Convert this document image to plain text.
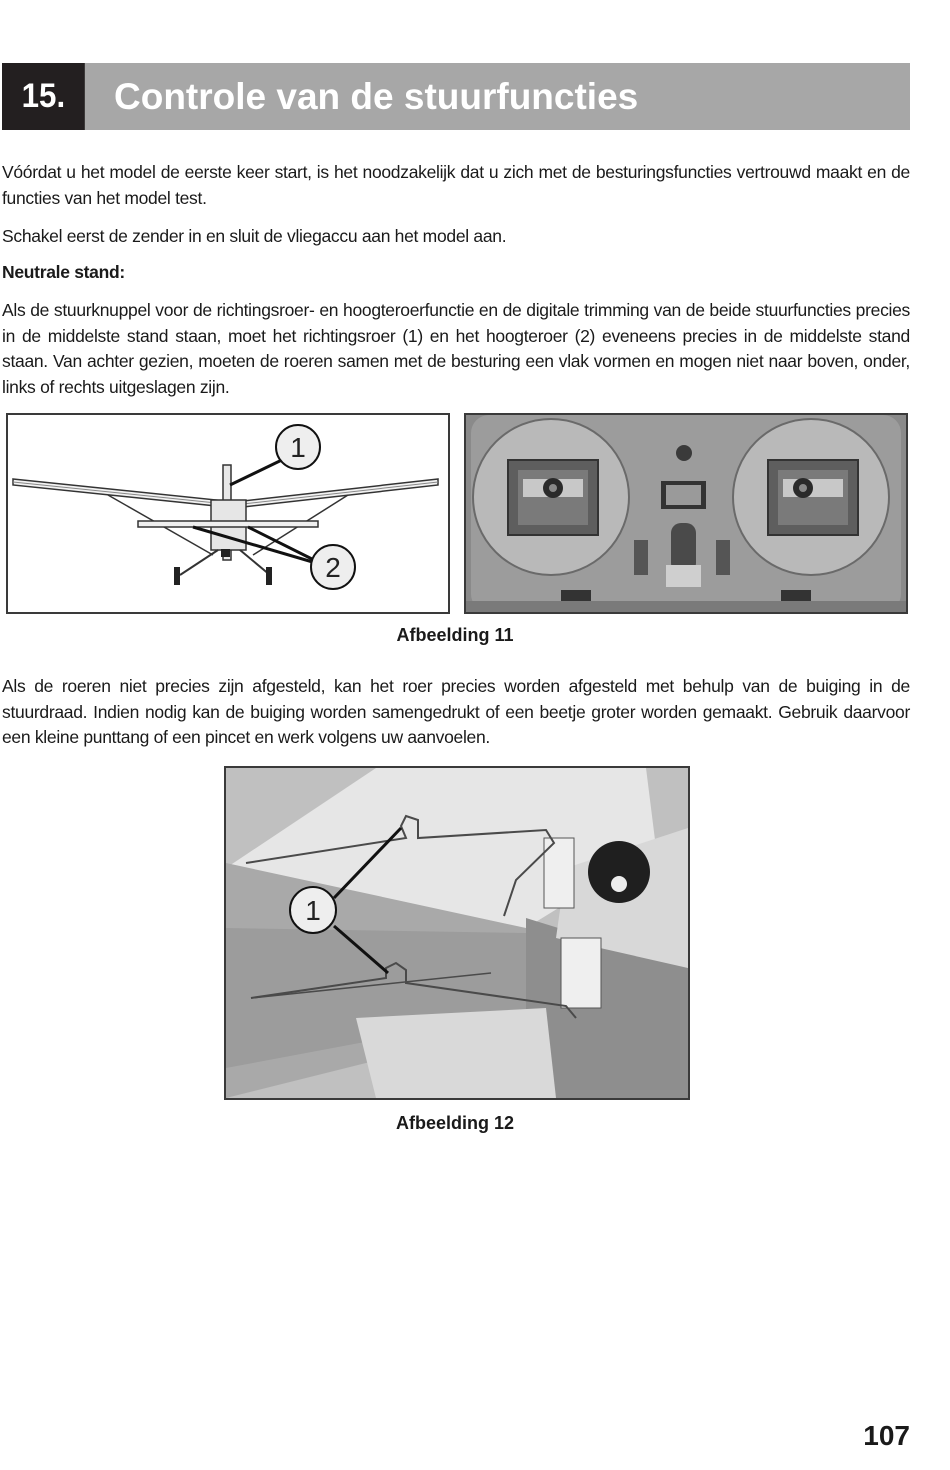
15.	Controle van de stuurfuncties
Vóórdat u het model de eerste keer start, is het noodzakelijk dat u zich met de besturingsfuncties vertrouwd maakt en de functies van het model test.
Schakel eerst de zender in en sluit de vliegaccu aan het model aan.
Neutrale stand:
Als de stuurknuppel voor de richtingsroer- en hoogteroerfunctie en de digitale trimming van de beide stuurfuncties precies in de middelste stand staan, moet het richtingsroer (1) en het hoogteroer (2) eveneens precies in de middelste stand staan. Van achter gezien, moeten de roeren samen met de besturing een vlak vormen en mogen niet naar boven, onder, links of rechts uitgeslagen zijn.
1
2
Afbeelding 11
Als de roeren niet precies zijn afgesteld, kan het roer precies worden afgesteld met behulp van de buiging in de stuurdraad. Indien nodig kan de buiging worden samengedrukt of een beetje groter worden gemaakt. Gebruik daarvoor een kleine punttang of een pincet en werk volgens uw aanvoelen.
1
Afbeelding 12
107
